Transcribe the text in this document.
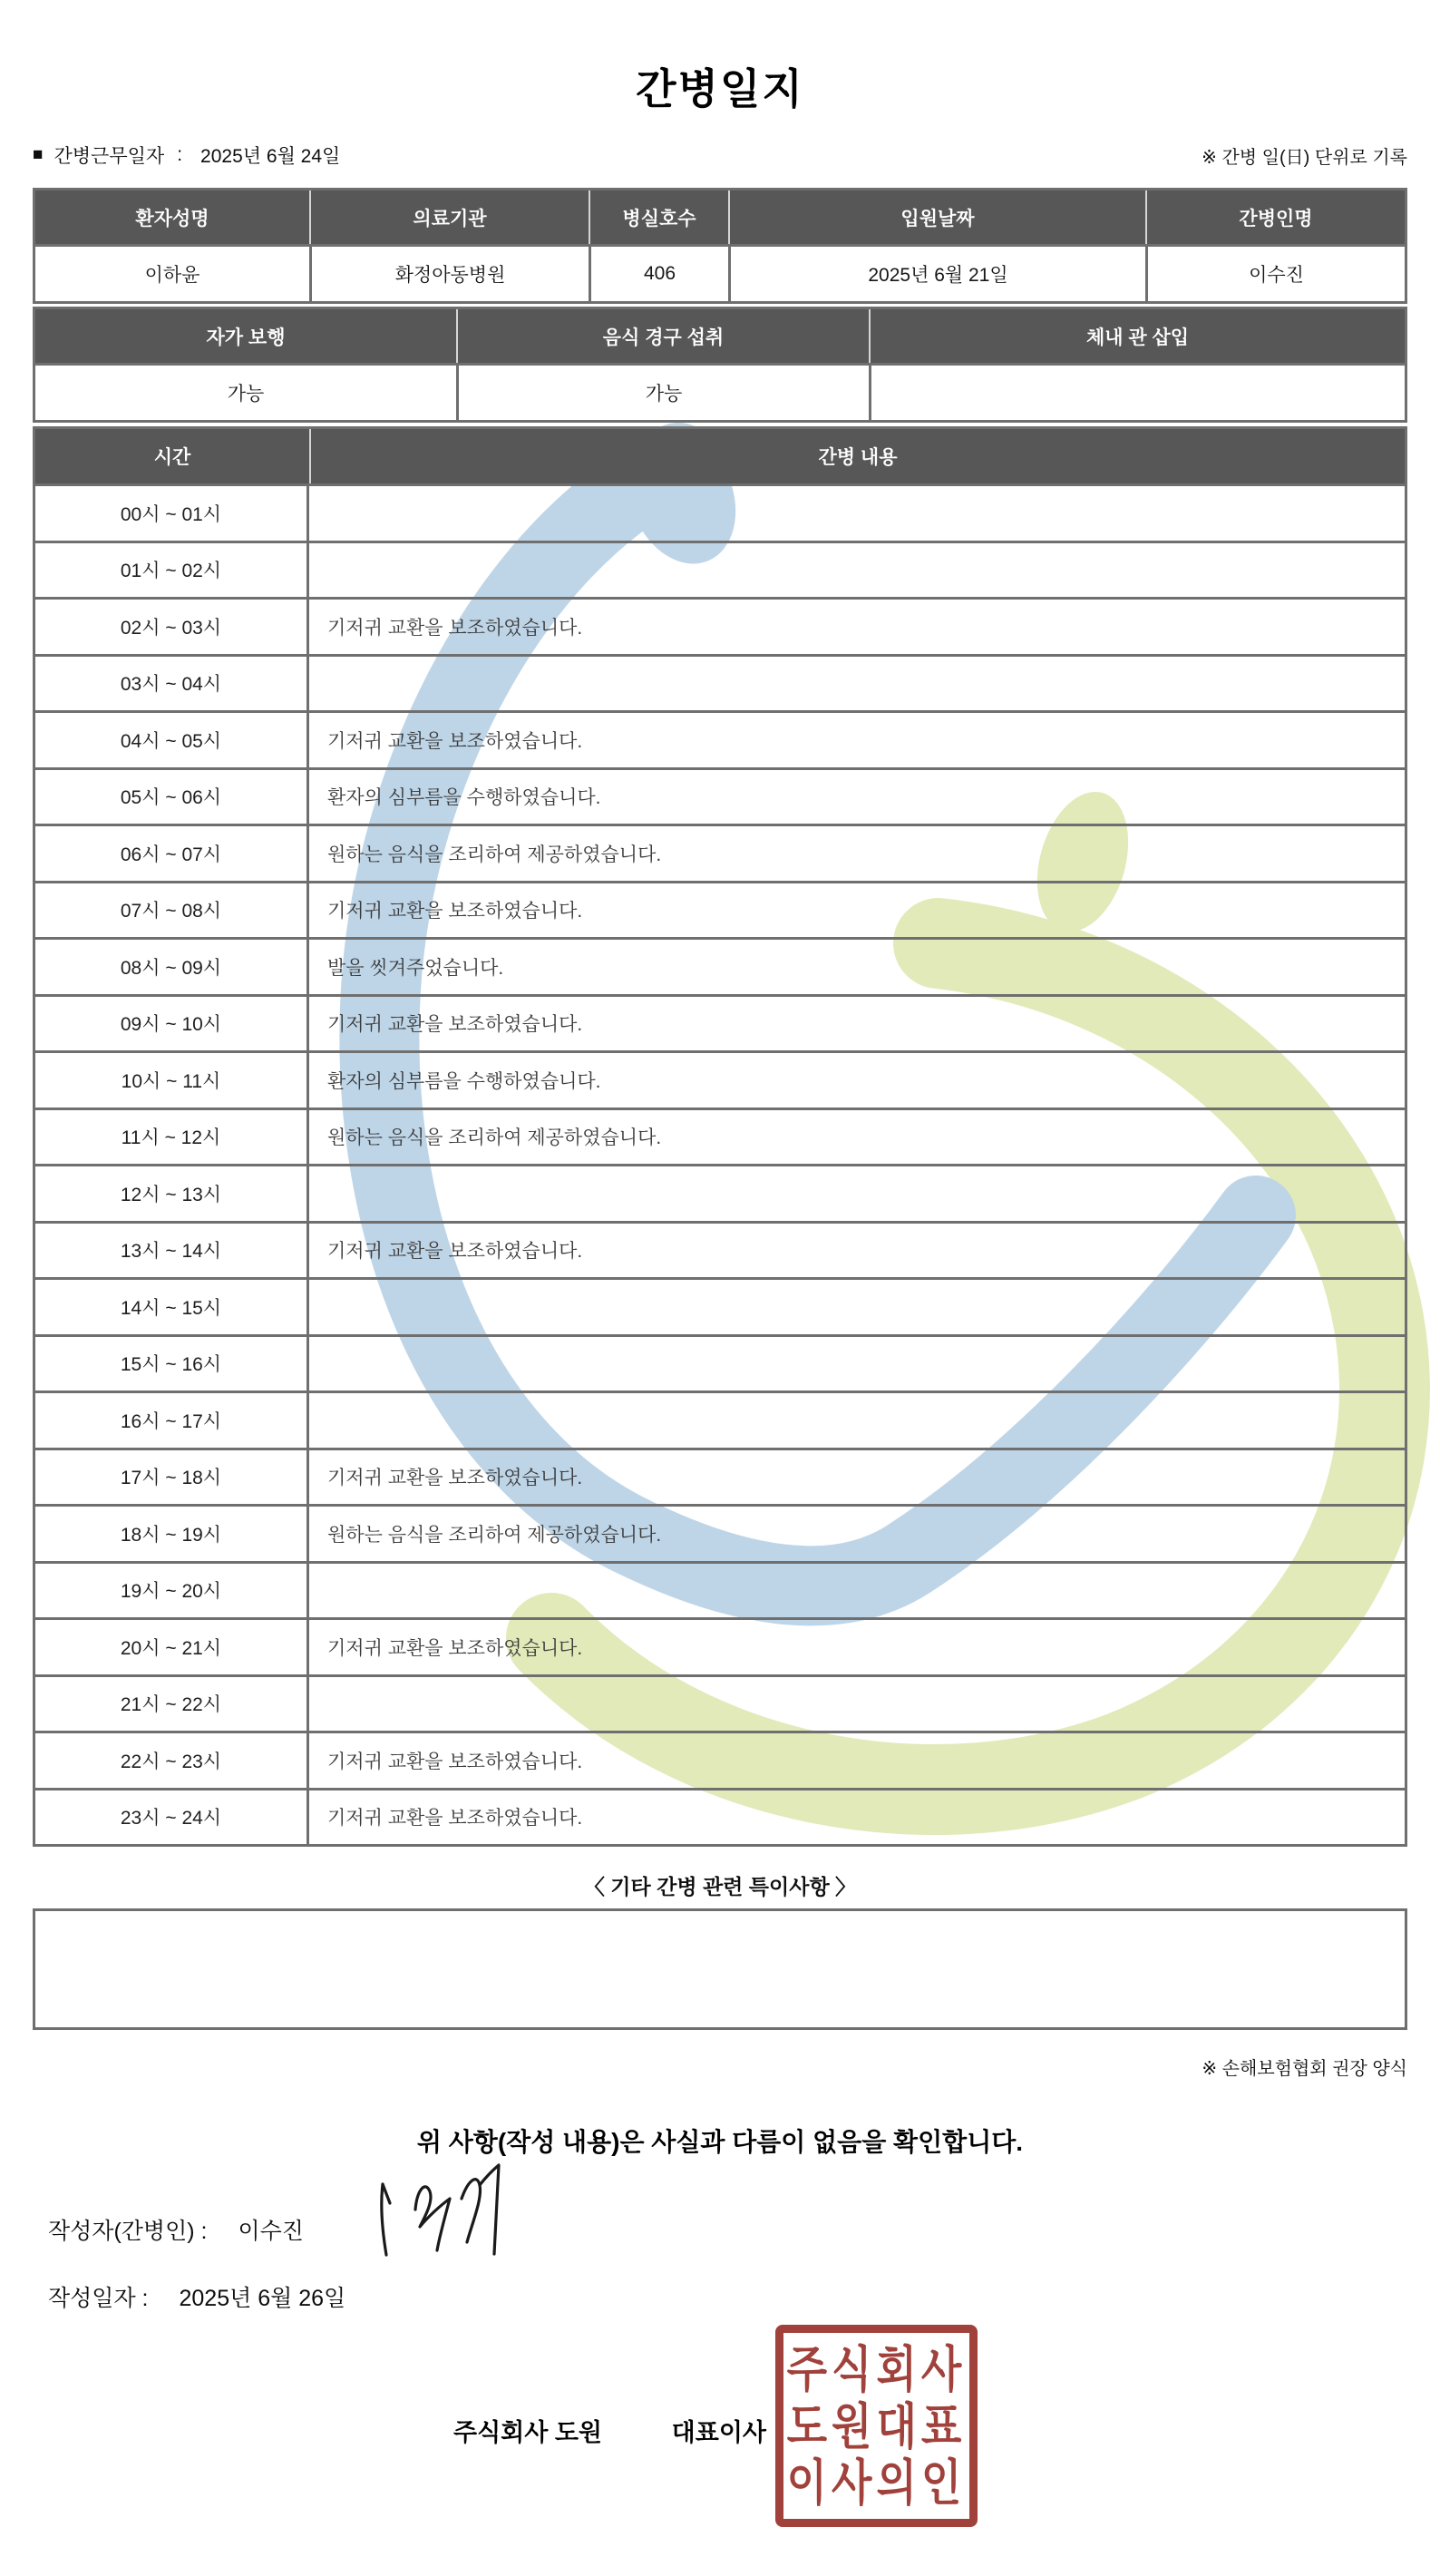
간병일지
■ 간병근무일자 : 2025년 6월 24일	※ 간병 일(日) 단위로 기록
환자성명	의료기관	병실호수	입원날짜	간병인명
이하윤	화정아동병원	406	2025년 6월 21일	이수진
자가 보행	음식 경구 섭취	체내 관 삽입
가능	가능
시간	간병 내용
00시 ~ 01시
01시 ~ 02시
02시 ~ 03시	기저귀 교환을 보조하였습니다.
03시 ~ 04시
04시 ~ 05시	기저귀 교환을 보조하였습니다.
05시 ~ 06시	환자의 심부름을 수행하였습니다.
06시 ~ 07시	원하는 음식을 조리하여 제공하였습니다.
07시 ~ 08시	기저귀 교환을 보조하였습니다.
08시 ~ 09시	발을 씻겨주었습니다.
09시 ~ 10시	기저귀 교환을 보조하였습니다.
10시 ~ 11시	환자의 심부름을 수행하였습니다.
11시 ~ 12시	원하는 음식을 조리하여 제공하였습니다.
12시 ~ 13시
13시 ~ 14시	기저귀 교환을 보조하였습니다.
14시 ~ 15시
15시 ~ 16시
16시 ~ 17시
17시 ~ 18시	기저귀 교환을 보조하였습니다.
18시 ~ 19시	원하는 음식을 조리하여 제공하였습니다.
19시 ~ 20시
20시 ~ 21시	기저귀 교환을 보조하였습니다.
21시 ~ 22시
22시 ~ 23시	기저귀 교환을 보조하였습니다.
23시 ~ 24시	기저귀 교환을 보조하였습니다.
〈 기타 간병 관련 특이사항 〉
※ 손해보험협회 권장 양식
위 사항(작성 내용)은 사실과 다름이 없음을 확인합니다.
작성자(간병인) : 이수진
작성일자 : 2025년 6월 26일
주식회사 도원	대표이사
주식회사
도원대표
이사의인
